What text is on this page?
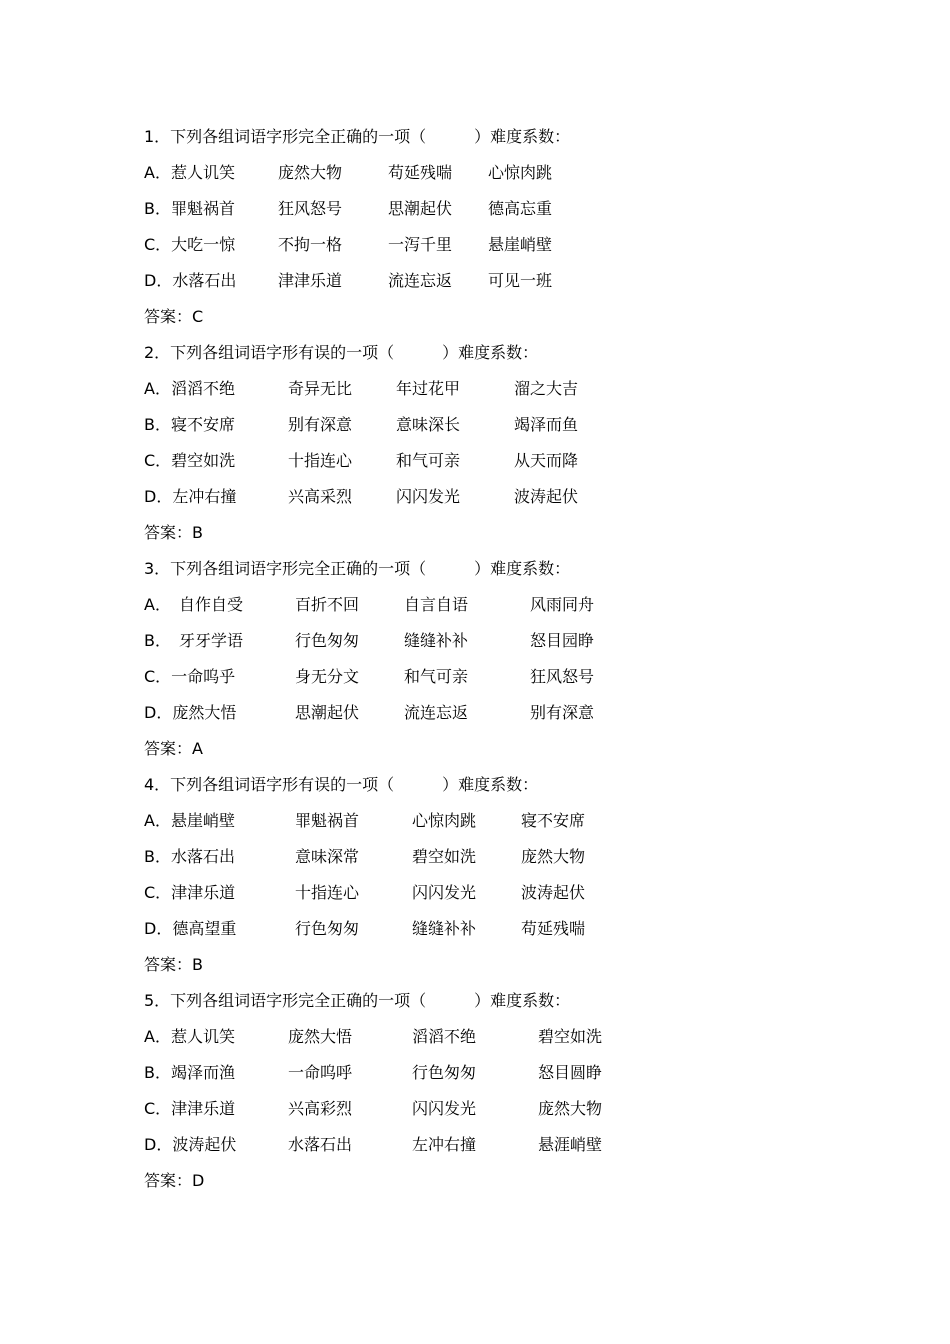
1．下列各组词语字形完全正确的一项（　　　）难度系数：
A．惹人讥笑	庞然大物	苟延残喘 心惊肉跳
B．罪魁祸首	狂风怒号	思潮起伏 德高忘重
C．大吃一惊	不拘一格	一泻千里 悬崖峭壁
D．水落石出	津津乐道	流连忘返 可见一班
答案：C
2．下列各组词语字形有误的一项（　　　）难度系数：
A．滔滔不绝	奇异无比	年过花甲	溜之大吉
B．寝不安席	别有深意	意味深长	竭泽而鱼
C．碧空如洗	十指连心	和气可亲	从天而降
D．左冲右撞	兴高采烈	闪闪发光	波涛起伏
答案：B
3．下列各组词语字形完全正确的一项（　　　）难度系数：
A．　自作自受	百折不回	自言自语	风雨同舟
B．　牙牙学语	行色匆匆	缝缝补补	怒目园睁
C．一命呜乎	身无分文	和气可亲	狂风怒号
D．庞然大悟	思潮起伏	流连忘返	别有深意
答案：A
4．下列各组词语字形有误的一项（　　　）难度系数：
A．悬崖峭壁	罪魁祸首	心惊肉跳	寝不安席
B．水落石出	意味深常	碧空如洗	庞然大物
C．津津乐道	十指连心	闪闪发光	波涛起伏
D．德高望重	行色匆匆	缝缝补补	苟延残喘
答案：B
5．下列各组词语字形完全正确的一项（　　　）难度系数：
A．惹人讥笑	庞然大悟	滔滔不绝	碧空如洗
B．竭泽而渔	一命呜呼	行色匆匆	怒目圆睁
C．津津乐道	兴高彩烈	闪闪发光	庞然大物
D．波涛起伏	水落石出	左冲右撞	悬涯峭壁
答案：D
